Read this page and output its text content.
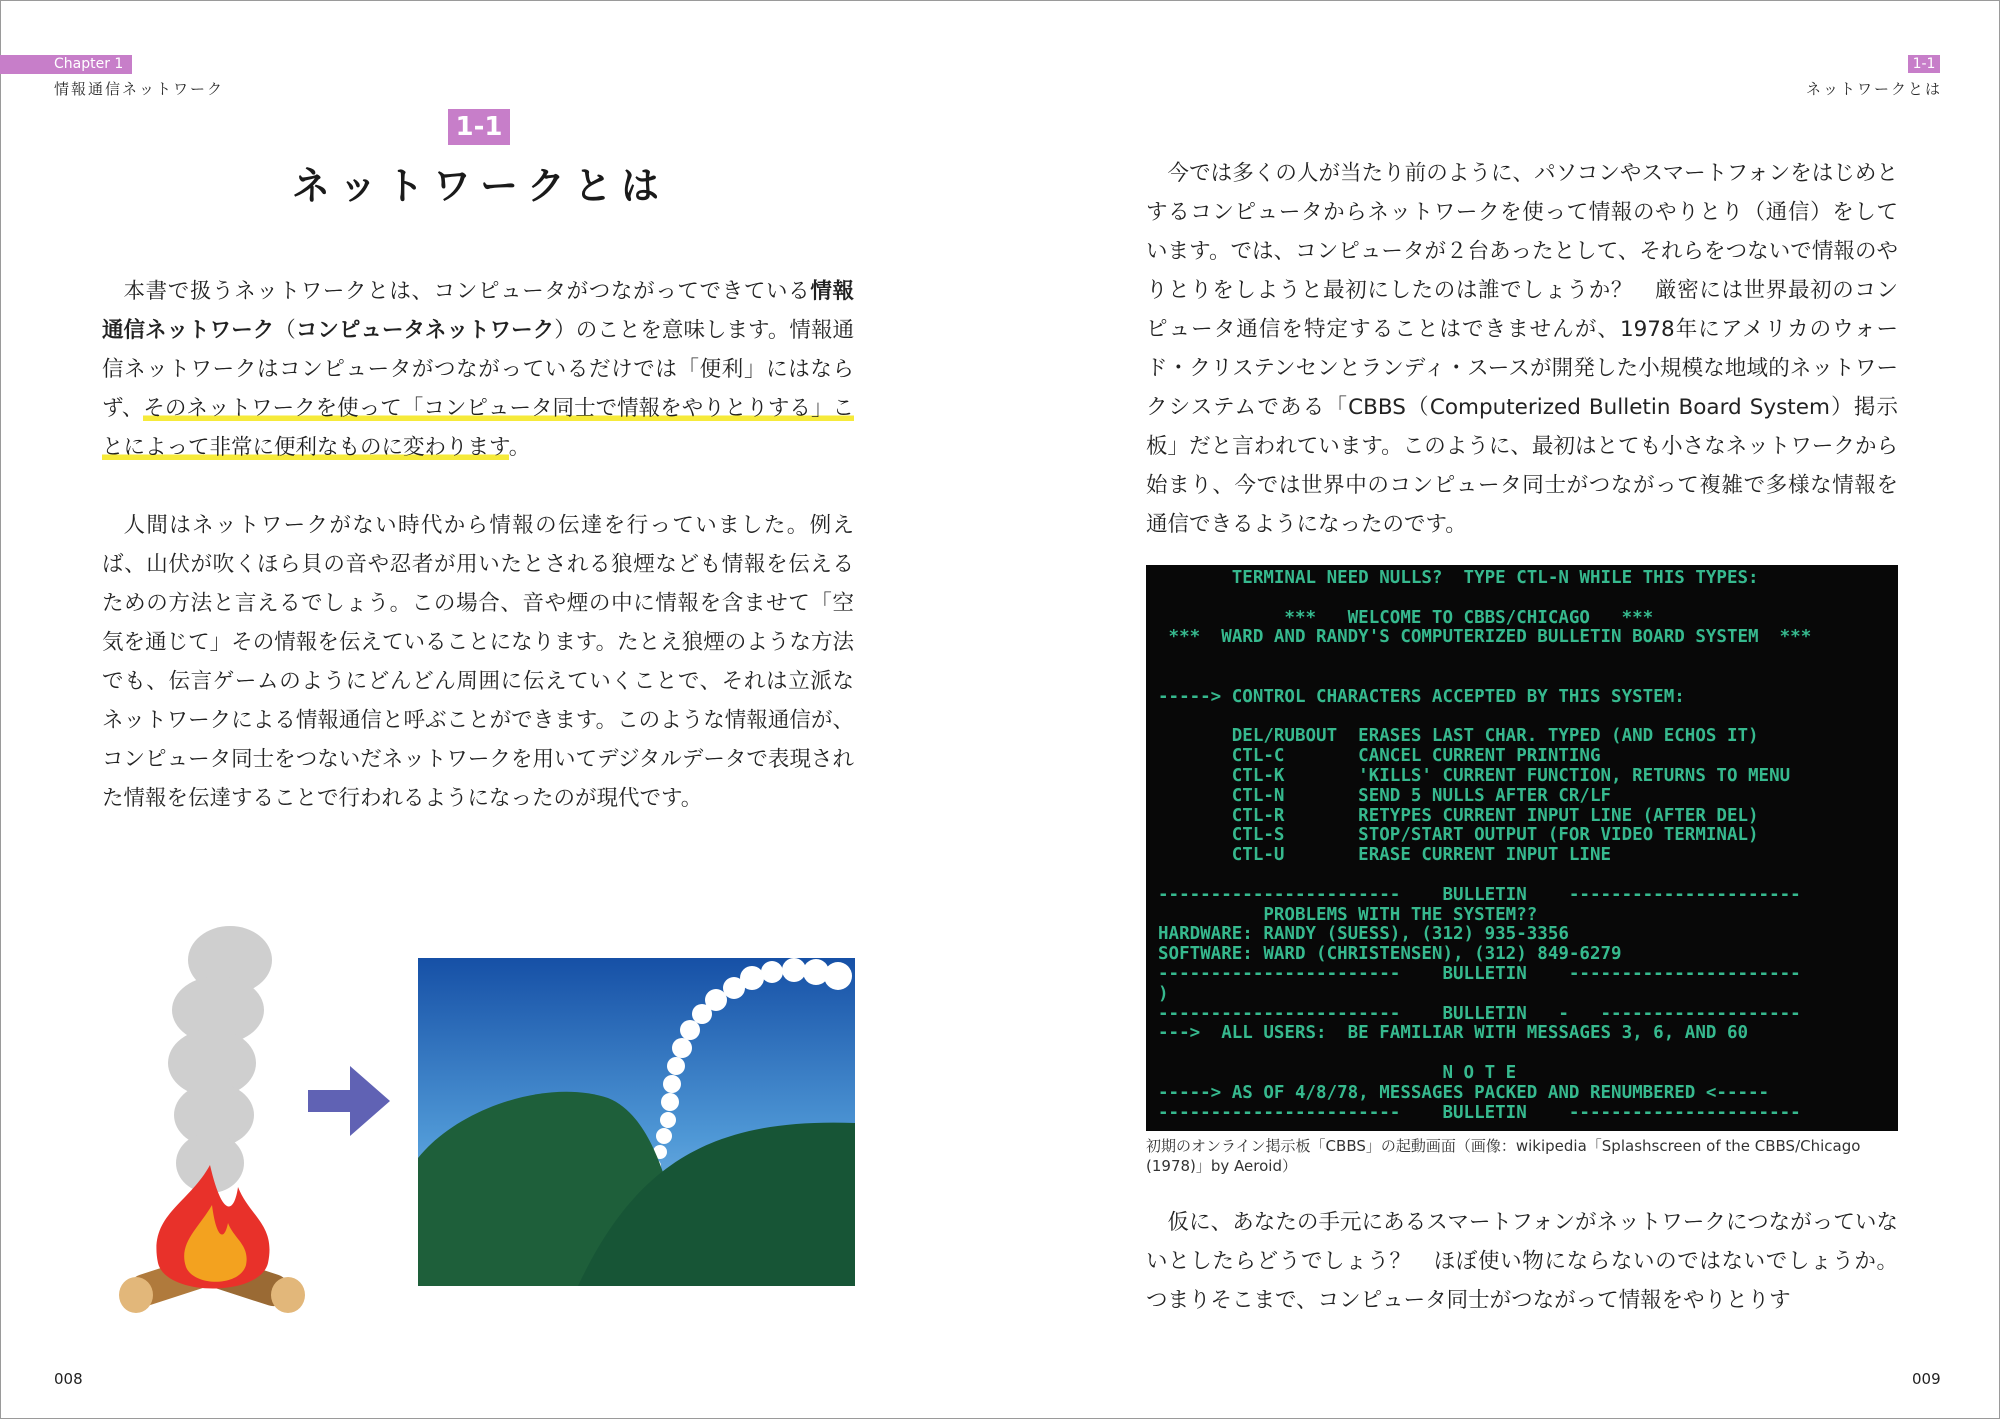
Chapter 1
情報通信ネットワーク
1-1
ネットワークとは
1-1
ネットワークとは

本書で扱うネットワークとは、コンピュータがつながってできている情報通信ネットワーク（コンピュータネットワーク）のことを意味します。情報通信ネットワークはコンピュータがつながっているだけでは「便利」にはならず、そのネットワークを使って「コンピュータ同士で情報をやりとりする」ことによって非常に便利なものに変わります。

人間はネットワークがない時代から情報の伝達を行っていました。例えば、山伏が吹くほら貝の音や忍者が用いたとされる狼煙なども情報を伝えるための方法と言えるでしょう。この場合、音や煙の中に情報を含ませて「空気を通じて」その情報を伝えていることになります。たとえ狼煙のような方法でも、伝言ゲームのようにどんどん周囲に伝えていくことで、それは立派なネットワークによる情報通信と呼ぶことができます。このような情報通信が、コンピュータ同士をつないだネットワークを用いてデジタルデータで表現された情報を伝達することで行われるようになったのが現代です。

今では多くの人が当たり前のように、パソコンやスマートフォンをはじめとするコンピュータからネットワークを使って情報のやりとり（通信）をしています。では、コンピュータが２台あったとして、それらをつないで情報のやりとりをしようと最初にしたのは誰でしょうか？　厳密には世界最初のコンピュータ通信を特定することはできませんが、1978年にアメリカのウォード・クリステンセンとランディ・スースが開発した小規模な地域的ネットワークシステムである「CBBS（Computerized Bulletin Board System）掲示板」だと言われています。このように、最初はとても小さなネットワークから始まり、今では世界中のコンピュータ同士がつながって複雑で多様な情報を通信できるようになったのです。

TERMINAL NEED NULLS?  TYPE CTL-N WHILE THIS TYPES:
***   WELCOME TO CBBS/CHICAGO   ***
***  WARD AND RANDY'S COMPUTERIZED BULLETIN BOARD SYSTEM  ***
-----> CONTROL CHARACTERS ACCEPTED BY THIS SYSTEM:
DEL/RUBOUT  ERASES LAST CHAR. TYPED (AND ECHOS IT)
CTL-C       CANCEL CURRENT PRINTING
CTL-K       'KILLS' CURRENT FUNCTION, RETURNS TO MENU
CTL-N       SEND 5 NULLS AFTER CR/LF
CTL-R       RETYPES CURRENT INPUT LINE (AFTER DEL)
CTL-S       STOP/START OUTPUT (FOR VIDEO TERMINAL)
CTL-U       ERASE CURRENT INPUT LINE
-----------------------    BULLETIN    ----------------------
PROBLEMS WITH THE SYSTEM??
HARDWARE: RANDY (SUESS), (312) 935-3356
SOFTWARE: WARD (CHRISTENSEN), (312) 849-6279
-----------------------    BULLETIN    ----------------------
)
-----------------------    BULLETIN   -   -------------------
--->  ALL USERS:  BE FAMILIAR WITH MESSAGES 3, 6, AND 60
N O T E
-----> AS OF 4/8/78, MESSAGES PACKED AND RENUMBERED <-----
-----------------------    BULLETIN    ----------------------
初期のオンライン掲示板「CBBS」の起動画面（画像：wikipedia「Splashscreen of the CBBS/Chicago (1978)」by Aeroid）

仮に、あなたの手元にあるスマートフォンがネットワークにつながっていないとしたらどうでしょう？　ほぼ使い物にならないのではないでしょうか。つまりそこまで、コンピュータ同士がつながって情報をやりとりす

008	009
